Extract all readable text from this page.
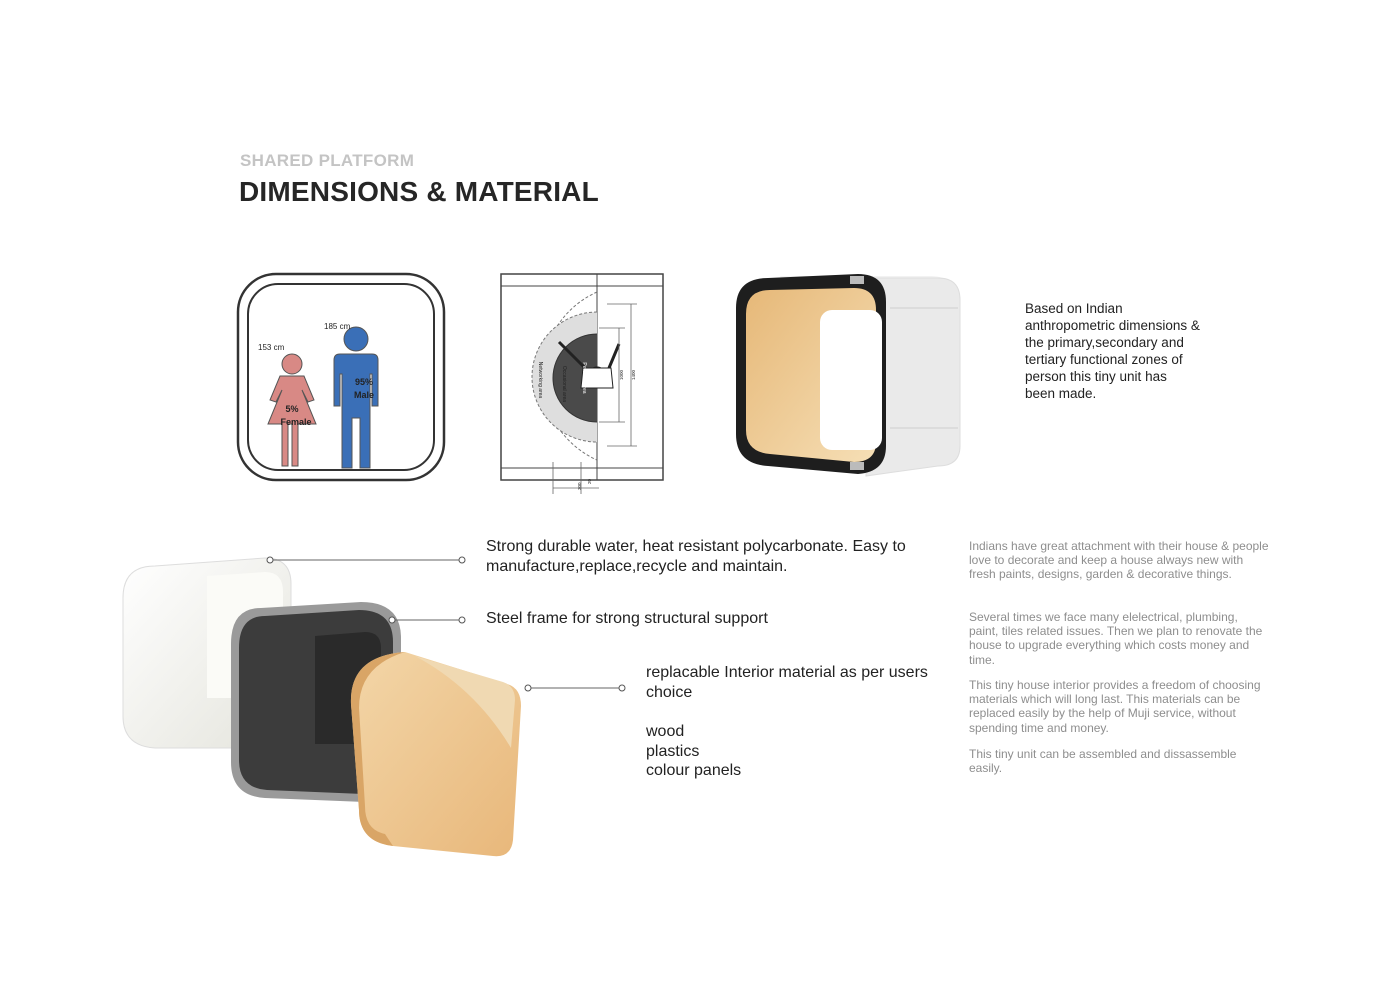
SHARED PLATFORM
DIMENSIONS & MATERIAL
153 cm
5%
Female
185 cm
95%
Male	Networking area	Occasional area	Personal area	1000 1400
300
20
Based on Indian anthropometric dimensions & the primary,secondary and tertiary functional zones of person this tiny unit has been made.
Strong durable water, heat resistant polycarbonate. Easy to manufacture,replace,recycle and maintain.
Steel frame for strong structural support
replacable Interior material as per users choice
wood
plastics
colour panels
Indians have great attachment with their house & people love to decorate and keep a house always new with fresh paints, designs, garden & decorative things.
Several times we face many elelectrical, plumbing, paint, tiles related issues. Then we plan to renovate the house to upgrade everything which costs money and time.
This tiny house interior provides a freedom of choosing materials which will long last. This materials can be replaced easily by the help of Muji service, without spending time and money.
This tiny unit can be assembled and dissassemble easily.
